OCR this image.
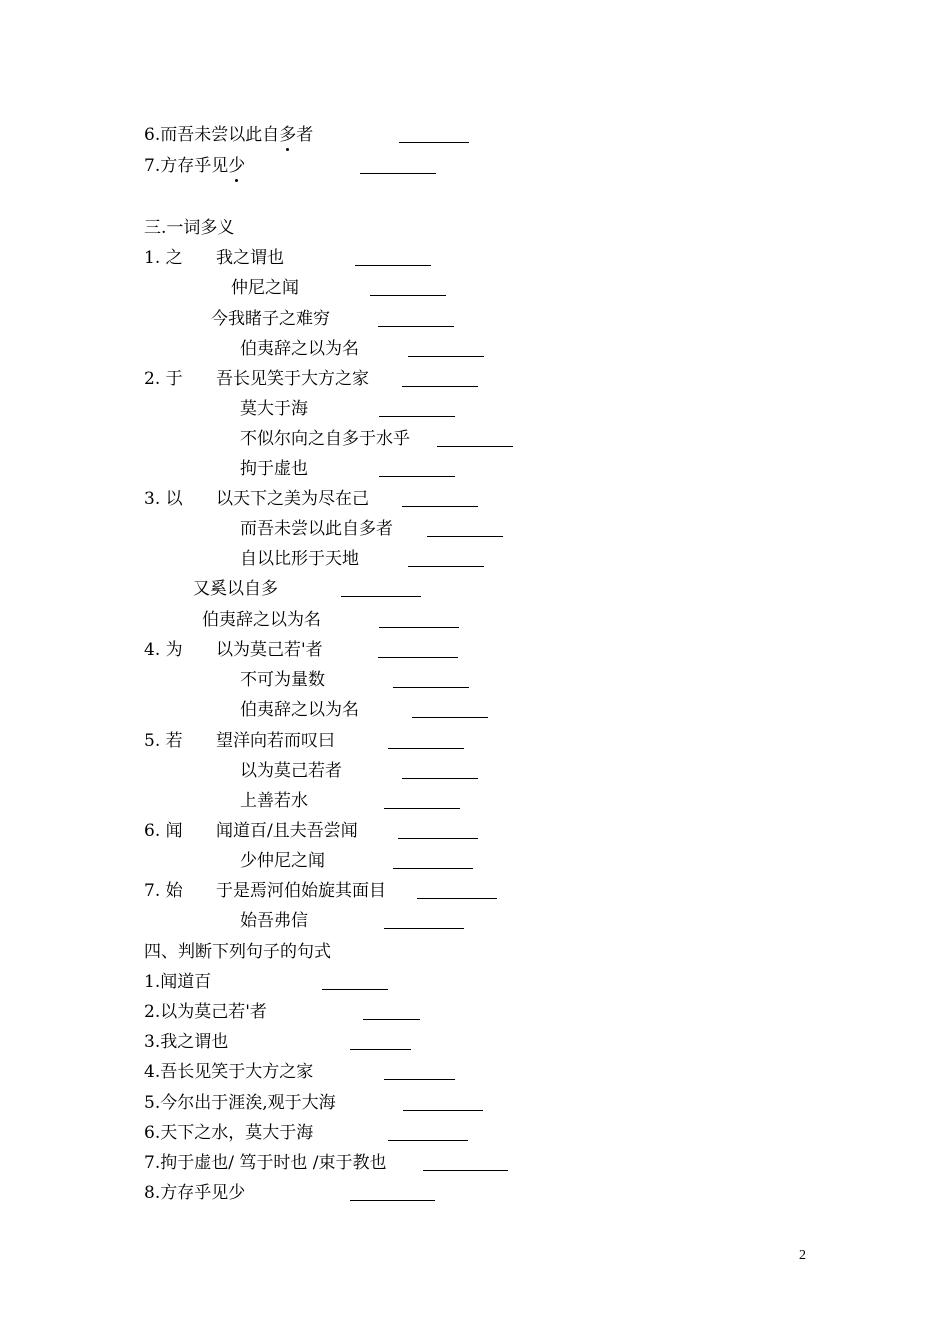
6.而吾未尝以此自多者
7.方存乎见少
三.一词多义
1. 之 我之谓也
仲尼之闻
今我睹子之难穷
伯夷辞之以为名
2. 于 吾长见笑于大方之家
莫大于海
不似尔向之自多于水乎
拘于虚也
3. 以 以天下之美为尽在己
而吾未尝以此自多者
自以比形于天地
又奚以自多
伯夷辞之以为名
4. 为 以为莫己若'者
不可为量数
伯夷辞之以为名
5. 若 望洋向若而叹曰
以为莫己若者
上善若水
6. 闻 闻道百/且夫吾尝闻
少仲尼之闻
7. 始 于是焉河伯始旋其面目
始吾弗信
四、判断下列句子的句式
1.闻道百
2.以为莫己若'者
3.我之谓也
4.吾长见笑于大方之家
5.今尔出于涯涘,观于大海
6.天下之水，莫大于海
7.拘于虚也/ 笃于时也 /束于教也
8.方存乎见少
2
